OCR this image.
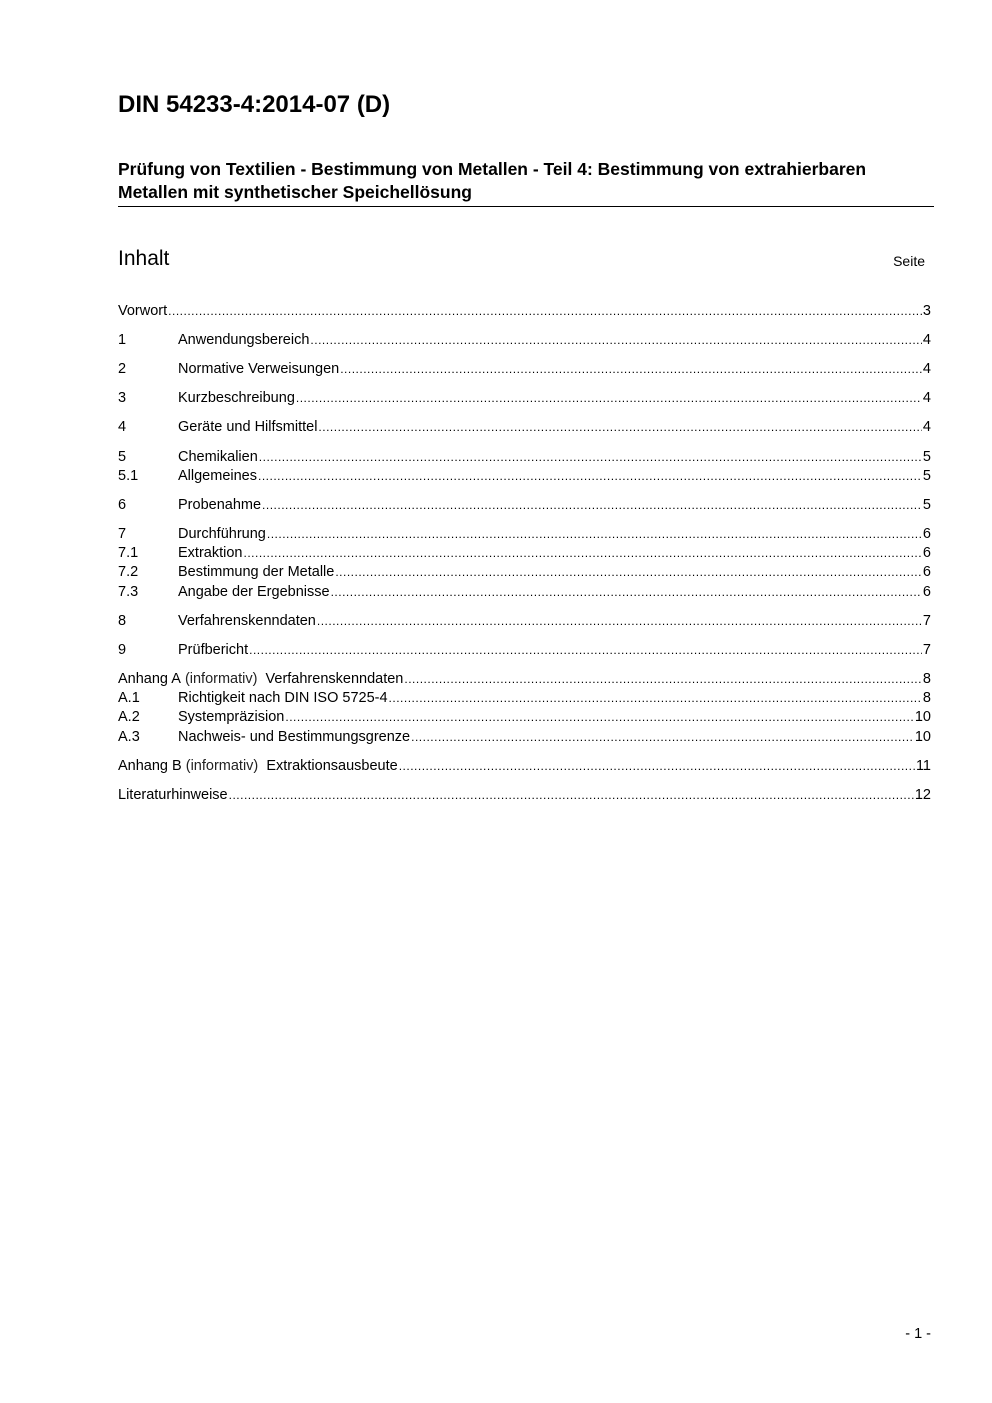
DIN 54233-4:2014-07 (D)

Prüfung von Textilien - Bestimmung von Metallen - Teil 4: Bestimmung von extrahierbaren Metallen mit synthetischer Speichellösung

Inhalt	Seite
Vorwort .....	3
1	Anwendungsbereich .....	4
2	Normative Verweisungen .....	4
3	Kurzbeschreibung .....	4
4	Geräte und Hilfsmittel .....	4
5	Chemikalien .....	5
5.1	Allgemeines .....	5
6	Probenahme .....	5
7	Durchführung .....	6
7.1	Extraktion .....	6
7.2	Bestimmung der Metalle .....	6
7.3	Angabe der Ergebnisse .....	6
8	Verfahrenskenndaten .....	7
9	Prüfbericht .....	7
Anhang A (informativ) Verfahrenskenndaten .....	8
A.1	Richtigkeit nach DIN ISO 5725-4 .....	8
A.2	Systempräzision .....	10
A.3	Nachweis- und Bestimmungsgrenze .....	10
Anhang B (informativ) Extraktionsausbeute .....	11
Literaturhinweise .....	12
- 1 -
